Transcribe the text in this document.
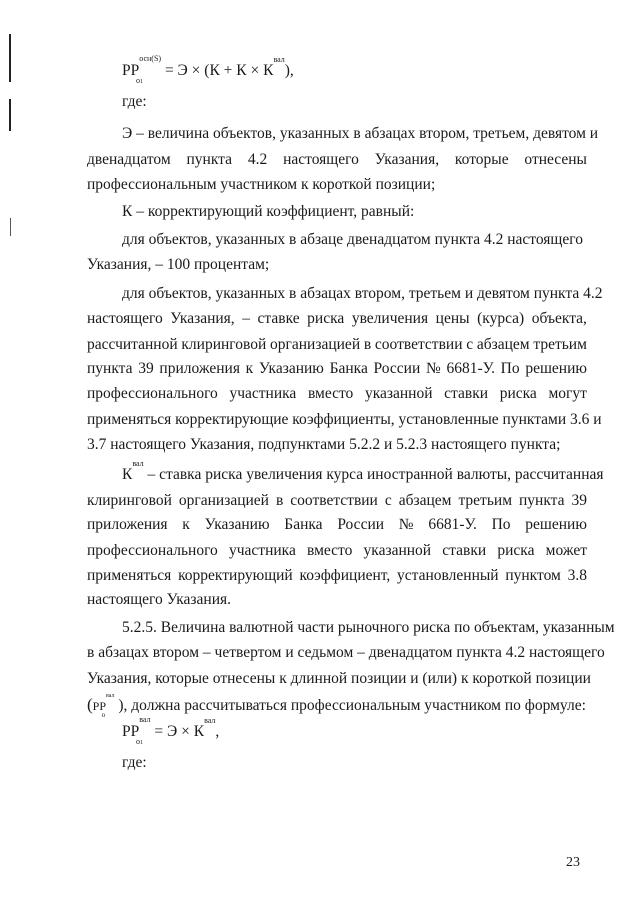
$PP^{осн(S)}$
о1
= $Э \times (К + К \times К^{вал})$,
где:
Э – величина объектов, указанных в абзацах втором, третьем, девятом и
двенадцатом пункта 4.2 настоящего Указания, которые отнесены
профессиональным участником к короткой позиции;
К – корректирующий коэффициент, равный:
для объектов, указанных в абзаце двенадцатом пункта 4.2 настоящего
Указания, – 100 процентам;
для объектов, указанных в абзацах втором, третьем и девятом пункта 4.2
настоящего Указания, – ставке риска увеличения цены (курса) объекта,
рассчитанной клиринговой организацией в соответствии с абзацем третьим
пункта 39 приложения к Указанию Банка России № 6681-У. По решению
профессионального участника вместо указанной ставки риска могут
применяться корректирующие коэффициенты, установленные пунктами 3.6 и
3.7 настоящего Указания, подпунктами 5.2.2 и 5.2.3 настоящего пункта;
$К^{вал}$ – ставка риска увеличения курса иностранной валюты, рассчитанная
клиринговой организацией в соответствии с абзацем третьим пункта 39
приложения к Указанию Банка России № 6681-У. По решению
профессионального участника вместо указанной ставки риска может
применяться корректирующий коэффициент, установленный пунктом 3.8
настоящего Указания.
5.2.5. Величина валютной части рыночного риска по объектам, указанным
в абзацах втором – четвертом и седьмом – двенадцатом пункта 4.2 настоящего
Указания, которые отнесены к длинной позиции и (или) к короткой позиции
($PP^{вал}$
о
), должна рассчитываться профессиональным участником по формуле:
$PP^{вал}$
о1
= $Э \times К^{вал}$,
где:
23
